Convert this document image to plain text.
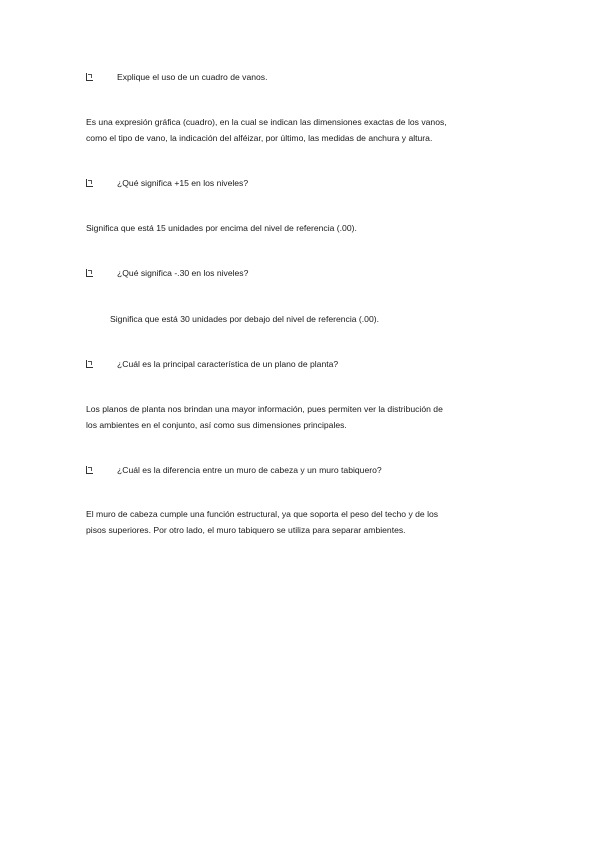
Explique el uso de un cuadro de vanos.

Es una expresión gráfica (cuadro), en la cual se indican las dimensiones exactas de los vanos,

como el tipo de vano, la indicación del alféizar, por último, las medidas de anchura y altura.

¿Qué significa +15 en los niveles?

Significa que está 15 unidades por encima del nivel de referencia (.00).

¿Qué significa -.30 en los niveles?

Significa que está 30 unidades por debajo del nivel de referencia (.00).

¿Cuál es la principal característica de un plano de planta?

Los planos de planta nos brindan una mayor información, pues permiten ver la distribución de

los ambientes en el conjunto, así como sus dimensiones principales.

¿Cuál es la diferencia entre un muro de cabeza y un muro tabiquero?

El muro de cabeza cumple una función estructural, ya que soporta el peso del techo y de los

pisos superiores. Por otro lado, el muro tabiquero se utiliza para separar ambientes.
